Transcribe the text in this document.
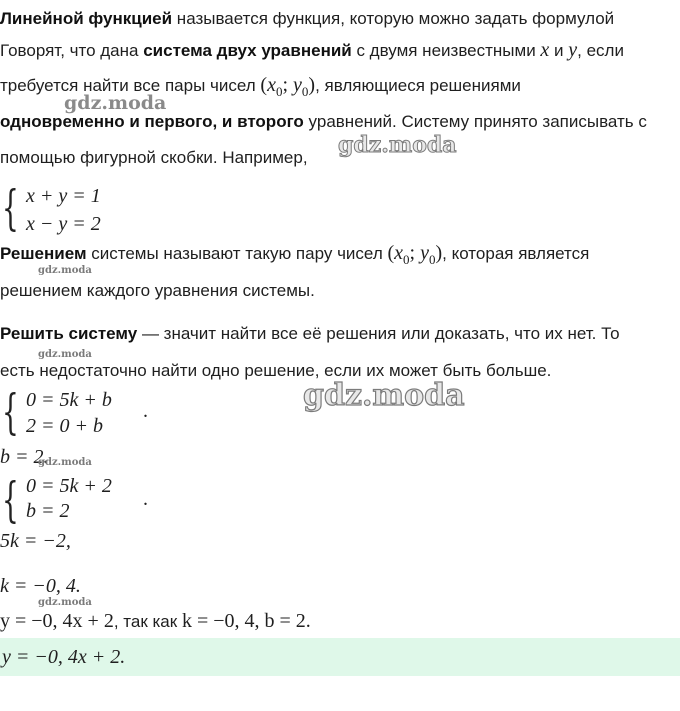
Линейной функцией называется функция, которую можно задать формулой
Говорят, что дана система двух уравнений с двумя неизвестными x и y, если
требуется найти все пары чисел ($x_0$; $y_0$), являющиеся решениями
одновременно и первого, и второго уравнений. Систему принято записывать с
помощью фигурной скобки. Например,
{ x + y = 1
x − y = 2
Решением системы называют такую пару чисел ($x_0$; $y_0$), которая является
решением каждого уравнения системы.
Решить систему — значит найти все её решения или доказать, что их нет. То
есть недостаточно найти одно решение, если их может быть больше.
{ 0 = 5k + b
2 = 0 + b
.
b = 2.
{ 0 = 5k + 2
b = 2
.
5k = −2,
k = −0, 4.
y = −0, 4x + 2, так как k = −0, 4, b = 2.
y = −0, 4x + 2.
gdz.moda
gdz.moda
gdz.moda
gdz.moda
gdz.moda
gdz.moda
gdz.moda
